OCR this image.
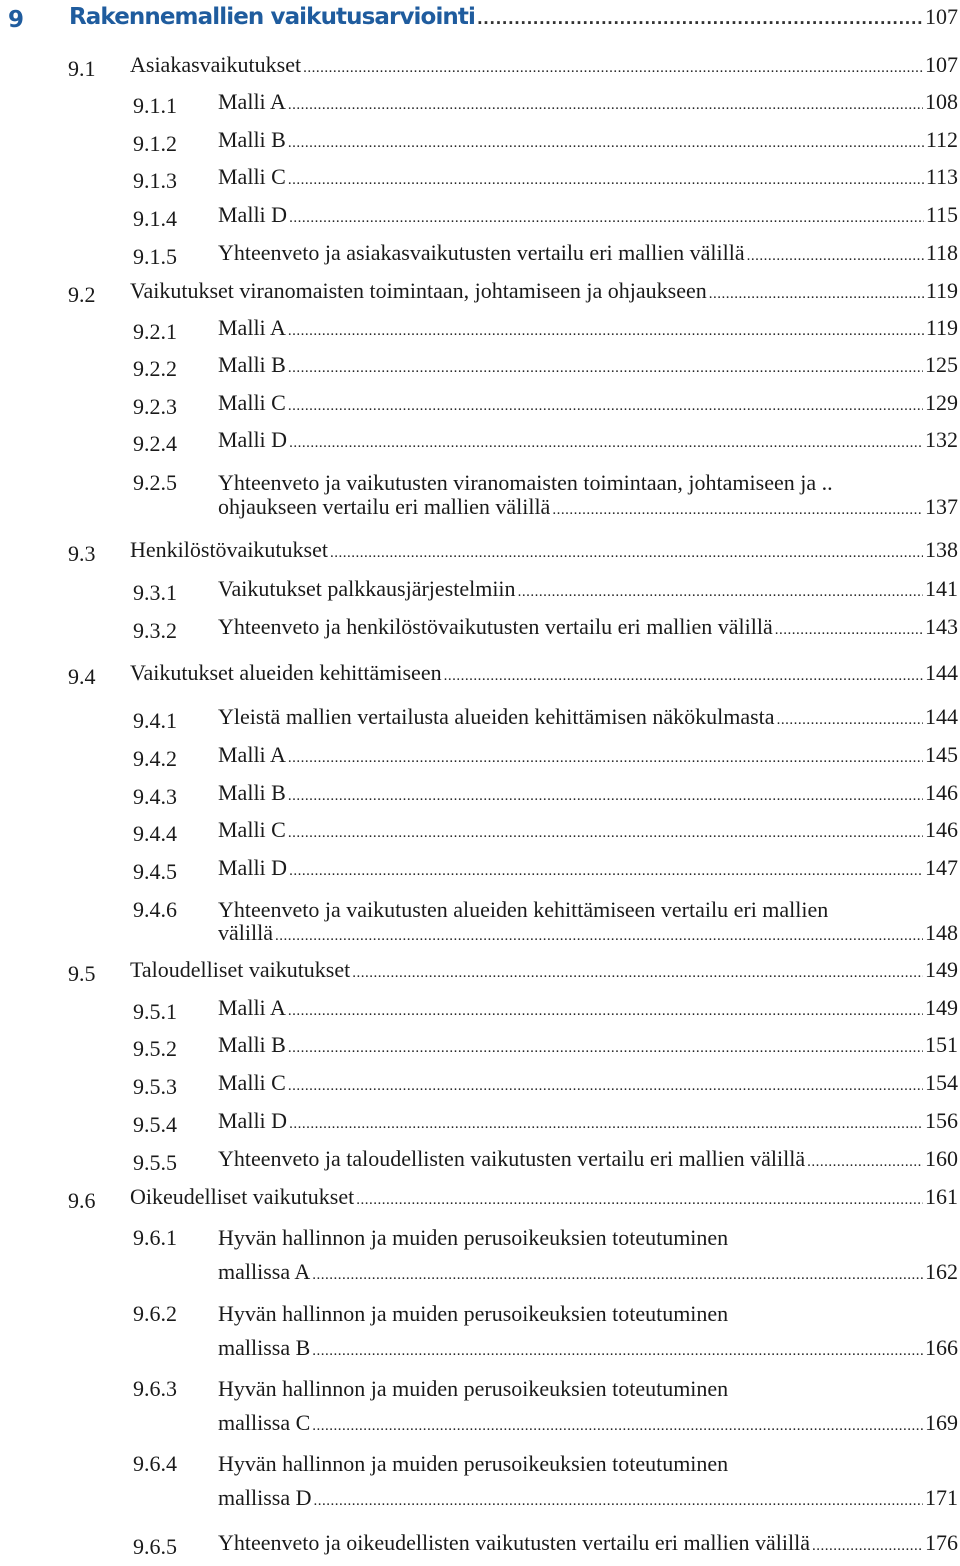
9 Rakennemallien vaikutusarviointi .....	107
9.1 Asiakasvaikutukset .....	107
9.1.1 Malli A .....	108
9.1.2 Malli B .....	112
9.1.3 Malli C .....	113
9.1.4 Malli D .....	115
9.1.5 Yhteenveto ja asiakasvaikutusten vertailu eri mallien välillä .....	118
9.2 Vaikutukset viranomaisten toimintaan, johtamiseen ja ohjaukseen .....	119
9.2.1 Malli A .....	119
9.2.2 Malli B .....	125
9.2.3 Malli C .....	129
9.2.4 Malli D .....	132
9.2.5 Yhteenveto ja vaikutusten viranomaisten toimintaan, johtamiseen ja ..
ohjaukseen vertailu eri mallien välillä .....	137
9.3 Henkilöstövaikutukset .....	138
9.3.1 Vaikutukset palkkausjärjestelmiin .....	141
9.3.2 Yhteenveto ja henkilöstövaikutusten vertailu eri mallien välillä .....	143
9.4 Vaikutukset alueiden kehittämiseen .....	144
9.4.1 Yleistä mallien vertailusta alueiden kehittämisen näkökulmasta .....	144
9.4.2 Malli A .....	145
9.4.3 Malli B .....	146
9.4.4 Malli C .....	146
9.4.5 Malli D .....	147
9.4.6 Yhteenveto ja vaikutusten alueiden kehittämiseen vertailu eri mallien
välillä .....	148
9.5 Taloudelliset vaikutukset .....	149
9.5.1 Malli A .....	149
9.5.2 Malli B .....	151
9.5.3 Malli C .....	154
9.5.4 Malli D .....	156
9.5.5 Yhteenveto ja taloudellisten vaikutusten vertailu eri mallien välillä .....	160
9.6 Oikeudelliset vaikutukset .....	161
9.6.1 Hyvän hallinnon ja muiden perusoikeuksien toteutuminen
mallissa A .....	162
9.6.2 Hyvän hallinnon ja muiden perusoikeuksien toteutuminen
mallissa B .....	166
9.6.3 Hyvän hallinnon ja muiden perusoikeuksien toteutuminen
mallissa C .....	169
9.6.4 Hyvän hallinnon ja muiden perusoikeuksien toteutuminen
mallissa D .....	171
9.6.5 Yhteenveto ja oikeudellisten vaikutusten vertailu eri mallien välillä .....	176
